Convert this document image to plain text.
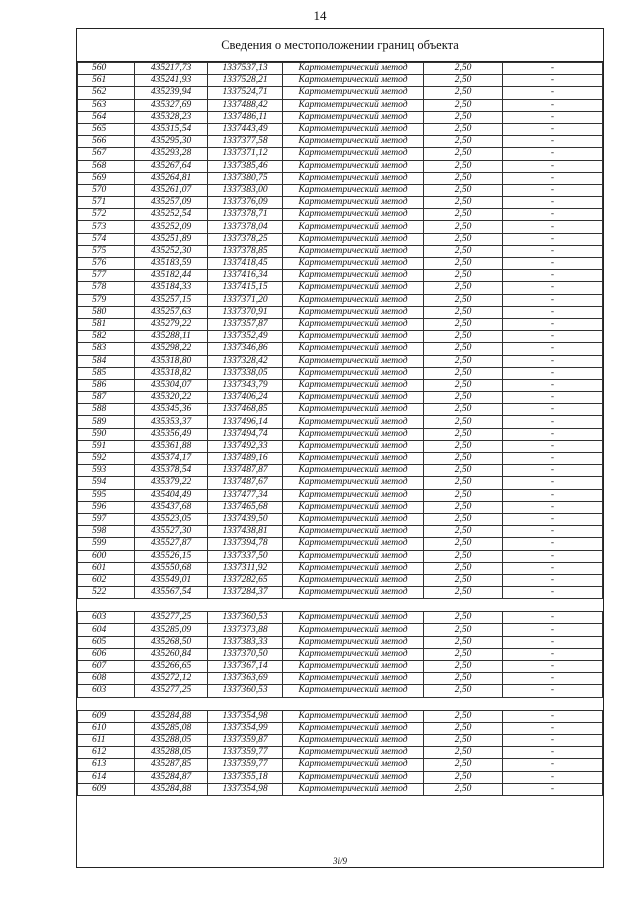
14
Сведения о местоположении границ объекта
560	435217,73	1337537,13	Картометрический метод	2,50	-
561	435241,93	1337528,21	Картометрический метод	2,50	-
562	435239,94	1337524,71	Картометрический метод	2,50	-
563	435327,69	1337488,42	Картометрический метод	2,50	-
564	435328,23	1337486,11	Картометрический метод	2,50	-
565	435315,54	1337443,49	Картометрический метод	2,50	-
566	435295,30	1337377,58	Картометрический метод	2,50	-
567	435293,28	1337371,12	Картометрический метод	2,50	-
568	435267,64	1337385,46	Картометрический метод	2,50	-
569	435264,81	1337380,75	Картометрический метод	2,50	-
570	435261,07	1337383,00	Картометрический метод	2,50	-
571	435257,09	1337376,09	Картометрический метод	2,50	-
572	435252,54	1337378,71	Картометрический метод	2,50	-
573	435252,09	1337378,04	Картометрический метод	2,50	-
574	435251,89	1337378,25	Картометрический метод	2,50	-
575	435252,30	1337378,85	Картометрический метод	2,50	-
576	435183,59	1337418,45	Картометрический метод	2,50	-
577	435182,44	1337416,34	Картометрический метод	2,50	-
578	435184,33	1337415,15	Картометрический метод	2,50	-
579	435257,15	1337371,20	Картометрический метод	2,50	-
580	435257,63	1337370,91	Картометрический метод	2,50	-
581	435279,22	1337357,87	Картометрический метод	2,50	-
582	435288,11	1337352,49	Картометрический метод	2,50	-
583	435298,22	1337346,86	Картометрический метод	2,50	-
584	435318,80	1337328,42	Картометрический метод	2,50	-
585	435318,82	1337338,05	Картометрический метод	2,50	-
586	435304,07	1337343,79	Картометрический метод	2,50	-
587	435320,22	1337406,24	Картометрический метод	2,50	-
588	435345,36	1337468,85	Картометрический метод	2,50	-
589	435353,37	1337496,14	Картометрический метод	2,50	-
590	435356,49	1337494,74	Картометрический метод	2,50	-
591	435361,88	1337492,33	Картометрический метод	2,50	-
592	435374,17	1337489,16	Картометрический метод	2,50	-
593	435378,54	1337487,87	Картометрический метод	2,50	-
594	435379,22	1337487,67	Картометрический метод	2,50	-
595	435404,49	1337477,34	Картометрический метод	2,50	-
596	435437,68	1337465,68	Картометрический метод	2,50	-
597	435523,05	1337439,50	Картометрический метод	2,50	-
598	435527,30	1337438,81	Картометрический метод	2,50	-
599	435527,87	1337394,78	Картометрический метод	2,50	-
600	435526,15	1337337,50	Картометрический метод	2,50	-
601	435550,68	1337311,92	Картометрический метод	2,50	-
602	435549,01	1337282,65	Картометрический метод	2,50	-
522	435567,54	1337284,37	Картометрический метод	2,50	-

603	435277,25	1337360,53	Картометрический метод	2,50	-
604	435285,09	1337373,88	Картометрический метод	2,50	-
605	435268,50	1337383,33	Картометрический метод	2,50	-
606	435260,84	1337370,50	Картометрический метод	2,50	-
607	435266,65	1337367,14	Картометрический метод	2,50	-
608	435272,12	1337363,69	Картометрический метод	2,50	-
603	435277,25	1337360,53	Картометрический метод	2,50	-

609	435284,88	1337354,98	Картометрический метод	2,50	-
610	435285,08	1337354,99	Картометрический метод	2,50	-
611	435288,05	1337359,87	Картометрический метод	2,50	-
612	435288,05	1337359,77	Картометрический метод	2,50	-
613	435287,85	1337359,77	Картометрический метод	2,50	-
614	435284,87	1337355,18	Картометрический метод	2,50	-
609	435284,88	1337354,98	Картометрический метод	2,50	-
3i/9
